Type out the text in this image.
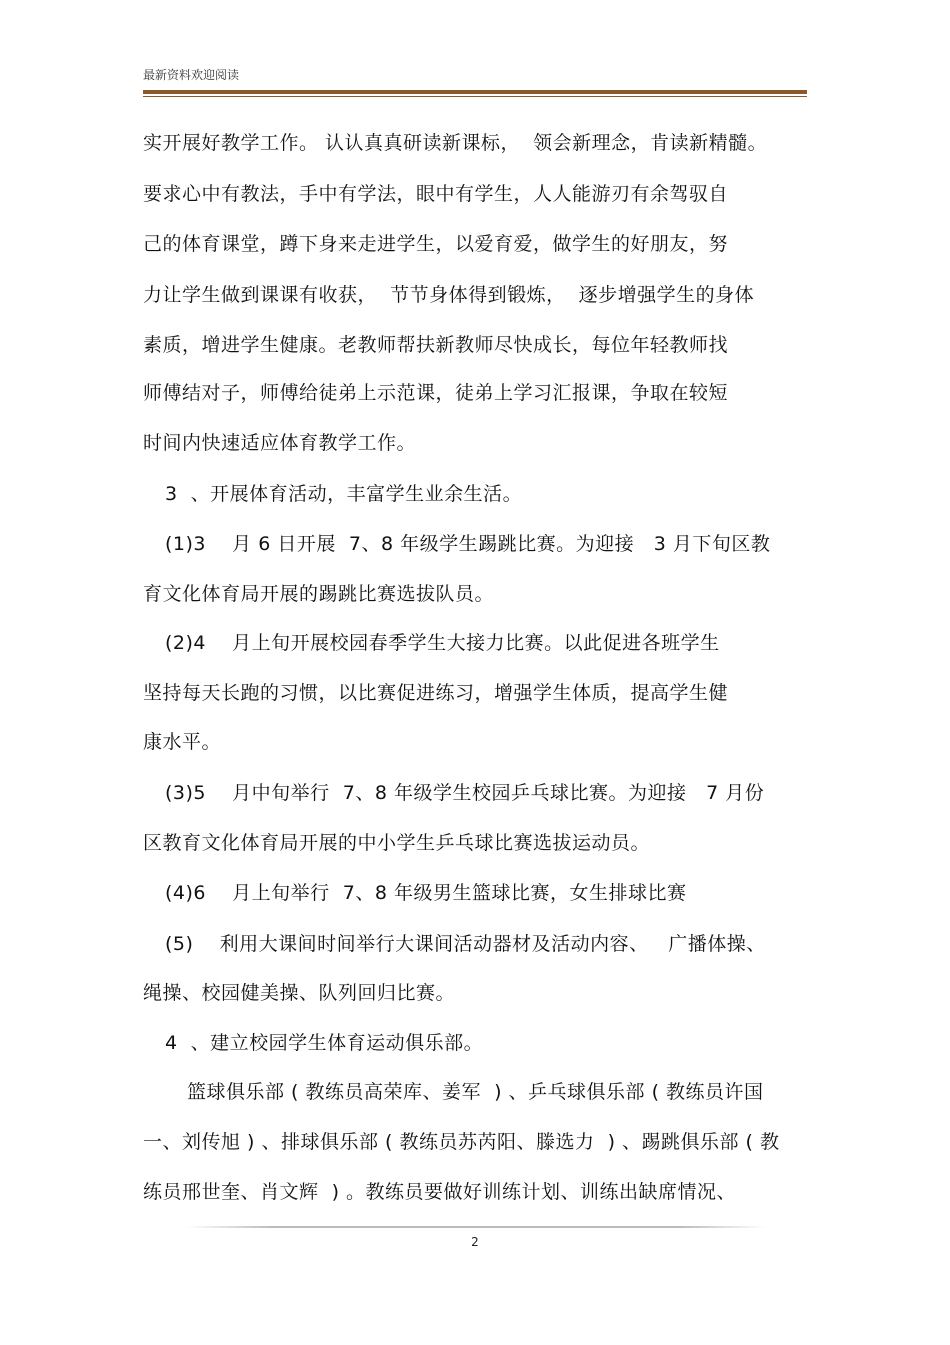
最新资料欢迎阅读
实开展好教学工作。 认认真真研读新课标，  领会新理念，肯读新精髓。
要求心中有教法，手中有学法，眼中有学生，人人能游刃有余驾驭自
己的体育课堂，蹲下身来走进学生，以爱育爱，做学生的好朋友，努
力让学生做到课课有收获，  节节身体得到锻炼，  逐步增强学生的身体
素质，增进学生健康。老教师帮扶新教师尽快成长，每位年轻教师找
师傅结对子，师傅给徒弟上示范课，徒弟上学习汇报课，争取在较短
时间内快速适应体育教学工作。
3  、开展体育活动，丰富学生业余生活。
(1)3    月 6 日开展  7、8 年级学生踢跳比赛。为迎接   3 月下旬区教
育文化体育局开展的踢跳比赛选拔队员。
(2)4    月上旬开展校园春季学生大接力比赛。以此促进各班学生
坚持每天长跑的习惯，以比赛促进练习，增强学生体质，提高学生健
康水平。
(3)5    月中旬举行  7、8 年级学生校园乒乓球比赛。为迎接   7 月份
区教育文化体育局开展的中小学生乒乓球比赛选拔运动员。
(4)6    月上旬举行  7、8 年级男生篮球比赛，女生排球比赛
(5)    利用大课间时间举行大课间活动器材及活动内容、   广播体操、
绳操、校园健美操、队列回归比赛。
4  、建立校园学生体育运动俱乐部。
篮球俱乐部 ( 教练员高荣库、姜军  ) 、乒乓球俱乐部 ( 教练员许国
一、刘传旭 ) 、排球俱乐部 ( 教练员苏芮阳、滕选力  ) 、踢跳俱乐部 ( 教
练员邢世奎、肖文辉  ) 。教练员要做好训练计划、训练出缺席情况、
2
